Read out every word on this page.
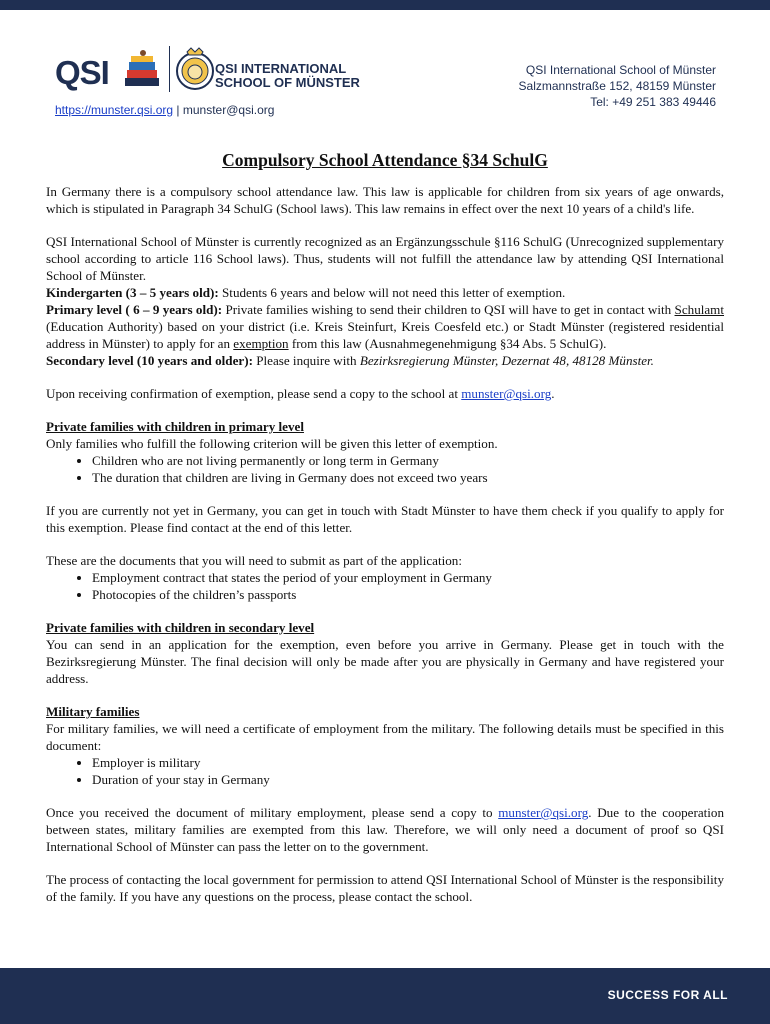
QSI	QSI INTERNATIONAL
SCHOOL OF MÜNSTER
https://munster.qsi.org | munster@qsi.org
QSI International School of Münster
Salzmannstraße 152, 48159 Münster
Tel: +49 251 383 49446
Compulsory School Attendance §34 SchulG

In Germany there is a compulsory school attendance law. This law is applicable for children from six years of age onwards, which is stipulated in Paragraph 34 SchulG (School laws). This law remains in effect over the next 10 years of a child's life.

QSI International School of Münster is currently recognized as an Ergänzungsschule §116 SchulG (Unrecognized supplementary school according to article 116 School laws). Thus, students will not fulfill the attendance law by attending QSI International School of Münster.

Kindergarten (3 – 5 years old): Students 6 years and below will not need this letter of exemption.

Primary level ( 6 – 9 years old): Private families wishing to send their children to QSI will have to get in contact with Schulamt (Education Authority) based on your district (i.e. Kreis Steinfurt, Kreis Coesfeld etc.) or Stadt Münster (registered residential address in Münster) to apply for an exemption from this law (Ausnahmegenehmigung §34 Abs. 5 SchulG).

Secondary level (10 years and older): Please inquire with Bezirksregierung Münster, Dezernat 48, 48128 Münster.

Upon receiving confirmation of exemption, please send a copy to the school at munster@qsi.org.

Private families with children in primary level
Only families who fulfill the following criterion will be given this letter of exemption.
• Children who are not living permanently or long term in Germany
• The duration that children are living in Germany does not exceed two years

If you are currently not yet in Germany, you can get in touch with Stadt Münster to have them check if you qualify to apply for this exemption. Please find contact at the end of this letter.

These are the documents that you will need to submit as part of the application:
• Employment contract that states the period of your employment in Germany
• Photocopies of the children’s passports
Private families with children in secondary level

You can send in an application for the exemption, even before you arrive in Germany. Please get in touch with the Bezirksregierung Münster. The final decision will only be made after you are physically in Germany and have registered your address.

Military families
For military families, we will need a certificate of employment from the military. The following details must be specified in this document:
• Employer is military
• Duration of your stay in Germany

Once you received the document of military employment, please send a copy to munster@qsi.org. Due to the cooperation between states, military families are exempted from this law. Therefore, we will only need a document of proof so QSI International School of Münster can pass the letter on to the government.

The process of contacting the local government for permission to attend QSI International School of Münster is the responsibility of the family. If you have any questions on the process, please contact the school.

SUCCESS FOR ALL
